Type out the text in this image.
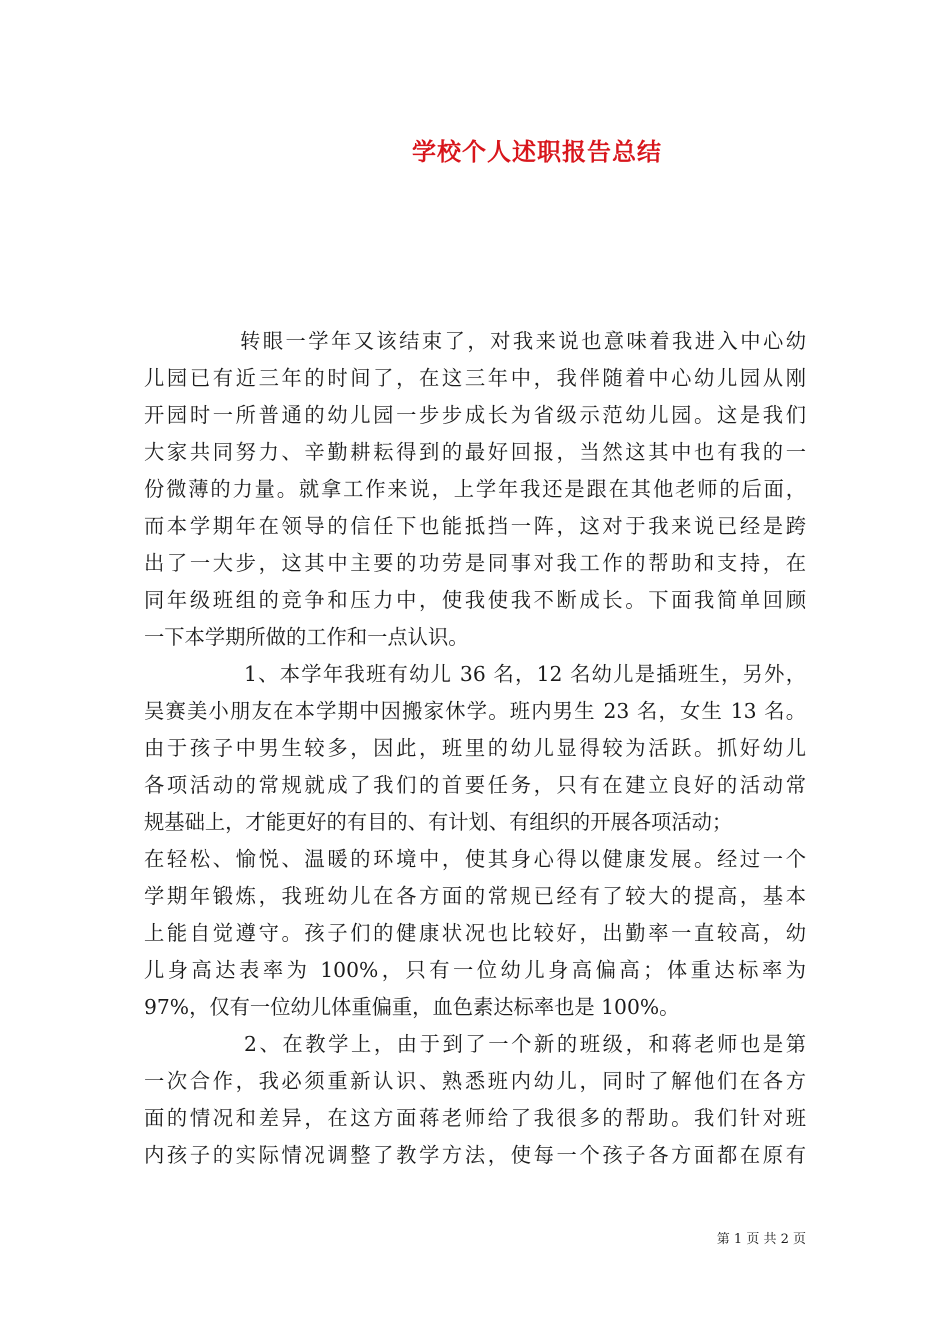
学校个人述职报告总结
转眼一学年又该结束了，对我来说也意味着我进入中心幼
儿园已有近三年的时间了，在这三年中，我伴随着中心幼儿园从刚
开园时一所普通的幼儿园一步步成长为省级示范幼儿园。这是我们
大家共同努力、辛勤耕耘得到的最好回报，当然这其中也有我的一
份微薄的力量。就拿工作来说，上学年我还是跟在其他老师的后面，
而本学期年在领导的信任下也能抵挡一阵，这对于我来说已经是跨
出了一大步，这其中主要的功劳是同事对我工作的帮助和支持，在
同年级班组的竞争和压力中，使我使我不断成长。下面我简单回顾
一下本学期所做的工作和一点认识。
1、本学年我班有幼儿 36 名，12 名幼儿是插班生，另外，
吴赛美小朋友在本学期中因搬家休学。班内男生 23 名，女生 13 名。
由于孩子中男生较多，因此，班里的幼儿显得较为活跃。抓好幼儿
各项活动的常规就成了我们的首要任务，只有在建立良好的活动常
规基础上，才能更好的有目的、有计划、有组织的开展各项活动；
在轻松、愉悦、温暖的环境中，使其身心得以健康发展。经过一个
学期年锻炼，我班幼儿在各方面的常规已经有了较大的提高，基本
上能自觉遵守。孩子们的健康状况也比较好，出勤率一直较高，幼
儿身高达表率为 100%，只有一位幼儿身高偏高；体重达标率为
97%，仅有一位幼儿体重偏重，血色素达标率也是 100%。
2、在教学上，由于到了一个新的班级，和蒋老师也是第
一次合作，我必须重新认识、熟悉班内幼儿，同时了解他们在各方
面的情况和差异，在这方面蒋老师给了我很多的帮助。我们针对班
内孩子的实际情况调整了教学方法，使每一个孩子各方面都在原有
第 1 页 共 2 页
